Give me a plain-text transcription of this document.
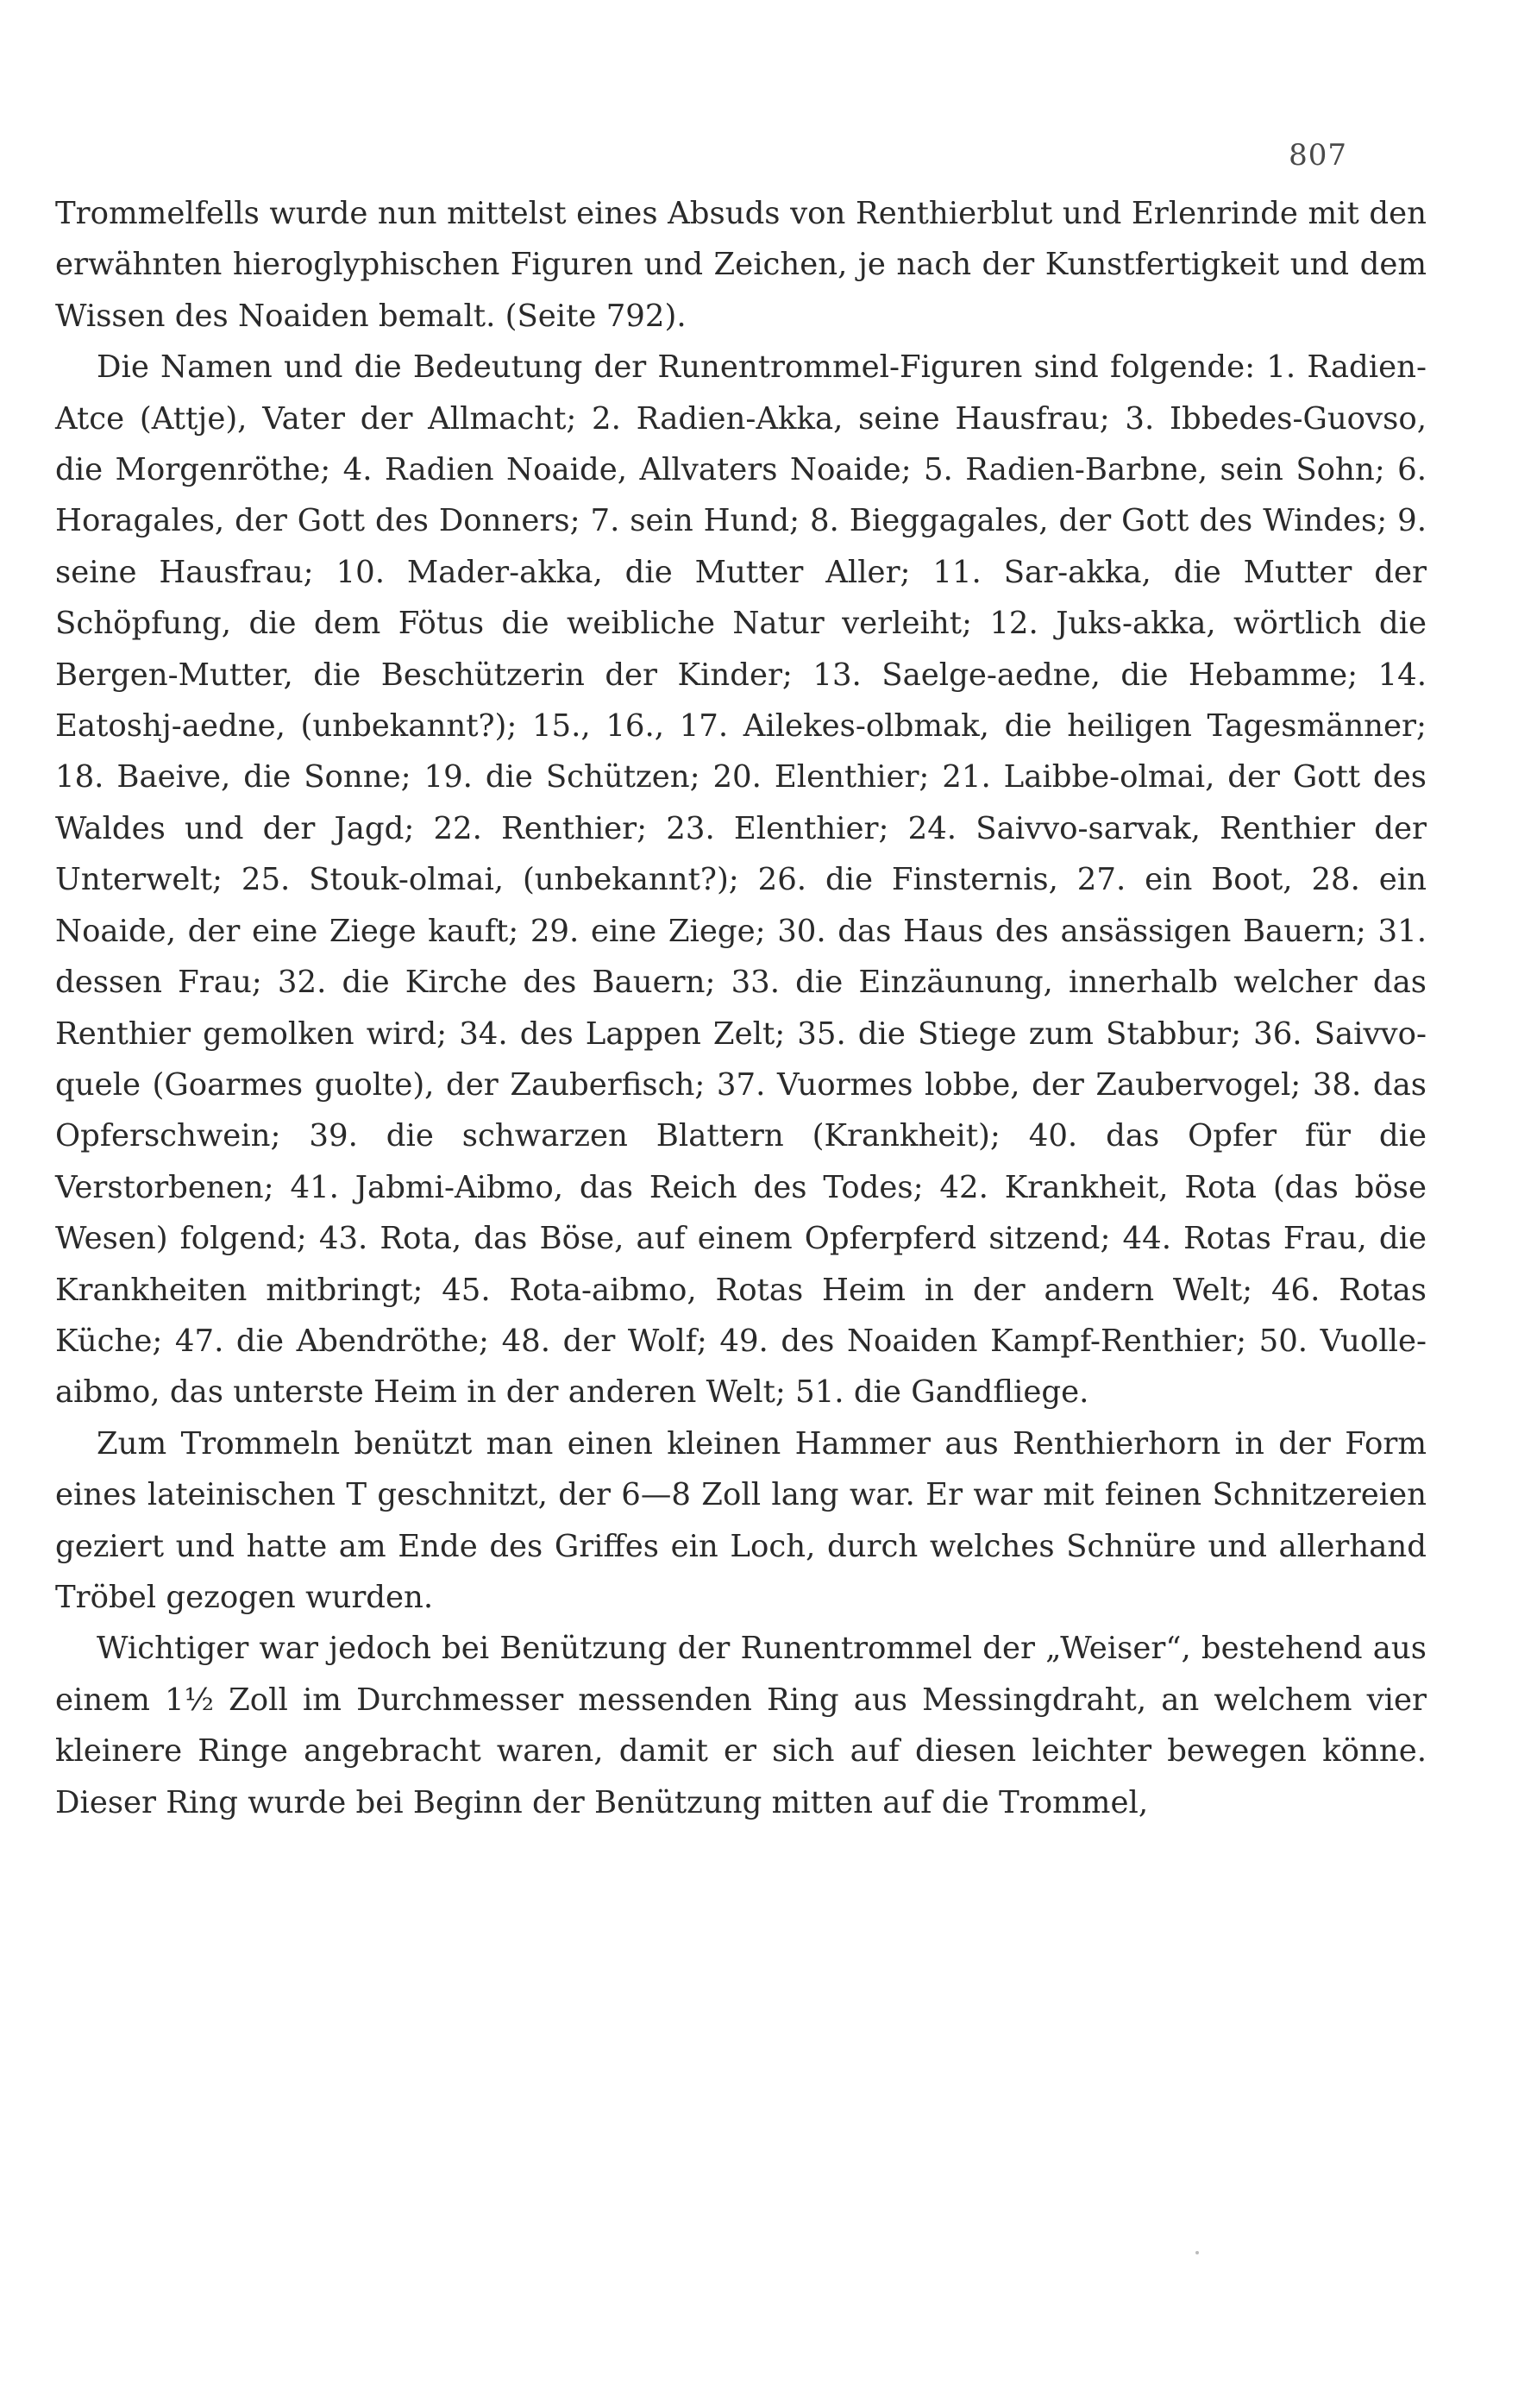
807

Trommelfells wurde nun mittelst eines Absuds von Renthierblut und Erlenrinde mit den erwähnten hieroglyphischen Figuren und Zeichen, je nach der Kunstfertigkeit und dem Wissen des Noaiden bemalt. (Seite 792).

Die Namen und die Bedeutung der Runentrommel-Figuren sind folgende: 1. Radien-Atce (Attje), Vater der Allmacht; 2. Radien-Akka, seine Hausfrau; 3. Ibbedes-Guovso, die Morgenröthe; 4. Radien Noaide, Allvaters Noaide; 5. Radien-Barbne, sein Sohn; 6. Horagales, der Gott des Donners; 7. sein Hund; 8. Bieggagales, der Gott des Windes; 9. seine Hausfrau; 10. Mader-akka, die Mutter Aller; 11. Sar-akka, die Mutter der Schöpfung, die dem Fötus die weibliche Natur verleiht; 12. Juks-akka, wörtlich die Bergen-Mutter, die Beschützerin der Kinder; 13. Saelge-aedne, die Hebamme; 14. Eatoshj-aedne, (unbekannt?); 15., 16., 17. Ailekes-olbmak, die heiligen Tagesmänner; 18. Baeive, die Sonne; 19. die Schützen; 20. Elenthier; 21. Laibbe-olmai, der Gott des Waldes und der Jagd; 22. Renthier; 23. Elenthier; 24. Saivvo-sarvak, Renthier der Unterwelt; 25. Stouk-olmai, (unbekannt?); 26. die Finsternis, 27. ein Boot, 28. ein Noaide, der eine Ziege kauft; 29. eine Ziege; 30. das Haus des ansässigen Bauern; 31. dessen Frau; 32. die Kirche des Bauern; 33. die Einzäunung, innerhalb welcher das Renthier gemolken wird; 34. des Lappen Zelt; 35. die Stiege zum Stabbur; 36. Saivvo-quele (Goarmes guolte), der Zauberfisch; 37. Vuormes lobbe, der Zaubervogel; 38. das Opferschwein; 39. die schwarzen Blattern (Krankheit); 40. das Opfer für die Verstorbenen; 41. Jabmi-Aibmo, das Reich des Todes; 42. Krankheit, Rota (das böse Wesen) folgend; 43. Rota, das Böse, auf einem Opferpferd sitzend; 44. Rotas Frau, die Krankheiten mitbringt; 45. Rota-aibmo, Rotas Heim in der andern Welt; 46. Rotas Küche; 47. die Abendröthe; 48. der Wolf; 49. des Noaiden Kampf-Renthier; 50. Vuolle-aibmo, das unterste Heim in der anderen Welt; 51. die Gandfliege.

Zum Trommeln benützt man einen kleinen Hammer aus Renthierhorn in der Form eines lateinischen T geschnitzt, der 6—8 Zoll lang war. Er war mit feinen Schnitzereien geziert und hatte am Ende des Griffes ein Loch, durch welches Schnüre und allerhand Tröbel gezogen wurden.

Wichtiger war jedoch bei Benützung der Runentrommel der „Weiser“, bestehend aus einem 1½ Zoll im Durchmesser messenden Ring aus Messingdraht, an welchem vier kleinere Ringe angebracht waren, damit er sich auf diesen leichter bewegen könne. Dieser Ring wurde bei Beginn der Benützung mitten auf die Trommel,
